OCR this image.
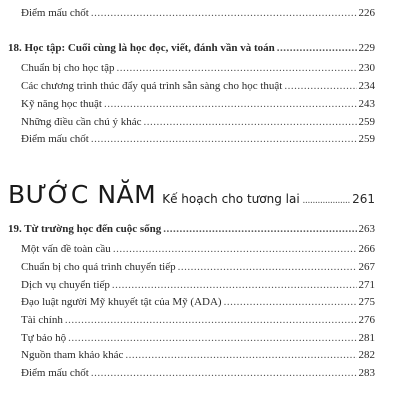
Điểm mấu chốt .....	226
18. Học tập: Cuối cùng là học đọc, viết, đánh vần và toán .....	229
Chuẩn bị cho học tập .....	230
Các chương trình thúc đẩy quá trình sẵn sàng cho học thuật .....	234
Kỹ năng học thuật .....	243
Những điều cần chú ý khác .....	259
Điểm mấu chốt .....	259
BƯỚC NĂM Kế hoạch cho tương lai .....	261
19. Từ trường học đến cuộc sống .....	263
Một vấn đề toàn cầu .....	266
Chuẩn bị cho quá trình chuyển tiếp .....	267
Dịch vụ chuyển tiếp .....	271
Đạo luật người Mỹ khuyết tật của Mỹ (ADA) .....	275
Tài chính .....	276
Tự bảo hộ .....	281
Nguồn tham khảo khác .....	282
Điểm mấu chốt .....	283
